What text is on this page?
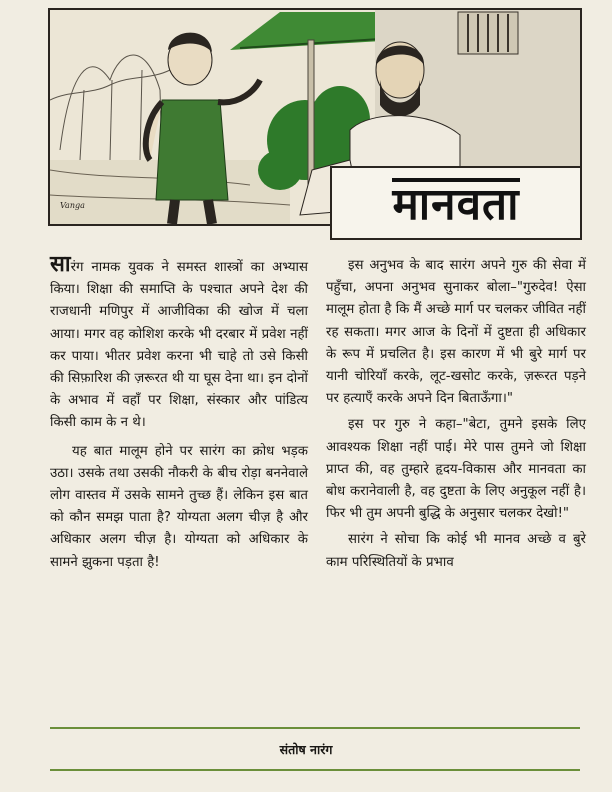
Vanga	मानवता

सारंग नामक युवक ने समस्त शास्त्रों का अभ्यास किया। शिक्षा की समाप्ति के पश्चात अपने देश की राजधानी मणिपुर में आजीविका की खोज में चला आया। मगर वह कोशिश करके भी दरबार में प्रवेश नहीं कर पाया। भीतर प्रवेश करना भी चाहे तो उसे किसी की सिफ़ारिश की ज़रूरत थी या घूस देना था। इन दोनों के अभाव में वहाँ पर शिक्षा, संस्कार और पांडित्य किसी काम के न थे।

यह बात मालूम होने पर सारंग का क्रोध भड़क उठा। उसके तथा उसकी नौकरी के बीच रोड़ा बननेवाले लोग वास्तव में उसके सामने तुच्छ हैं। लेकिन इस बात को कौन समझ पाता है? योग्यता अलग चीज़ है और अधिकार अलग चीज़ है। योग्यता को अधिकार के सामने झुकना पड़ता है!

इस अनुभव के बाद सारंग अपने गुरु की सेवा में पहुँचा, अपना अनुभव सुनाकर बोला–"गुरुदेव! ऐसा मालूम होता है कि मैं अच्छे मार्ग पर चलकर जीवित नहीं रह सकता। मगर आज के दिनों में दुष्टता ही अधिकार के रूप में प्रचलित है। इस कारण में भी बुरे मार्ग पर यानी चोरियाँ करके, लूट-खसोट करके, ज़रूरत पड़ने पर हत्याएँ करके अपने दिन बिताऊँगा।"

इस पर गुरु ने कहा–"बेटा, तुमने इसके लिए आवश्यक शिक्षा नहीं पाई। मेरे पास तुमने जो शिक्षा प्राप्त की, वह तुम्हारे हृदय-विकास और मानवता का बोध करानेवाली है, वह दुष्टता के लिए अनुकूल नहीं है। फिर भी तुम अपनी बुद्धि के अनुसार चलकर देखो!"

सारंग ने सोचा कि कोई भी मानव अच्छे व बुरे काम परिस्थितियों के प्रभाव

संतोष नारंग
